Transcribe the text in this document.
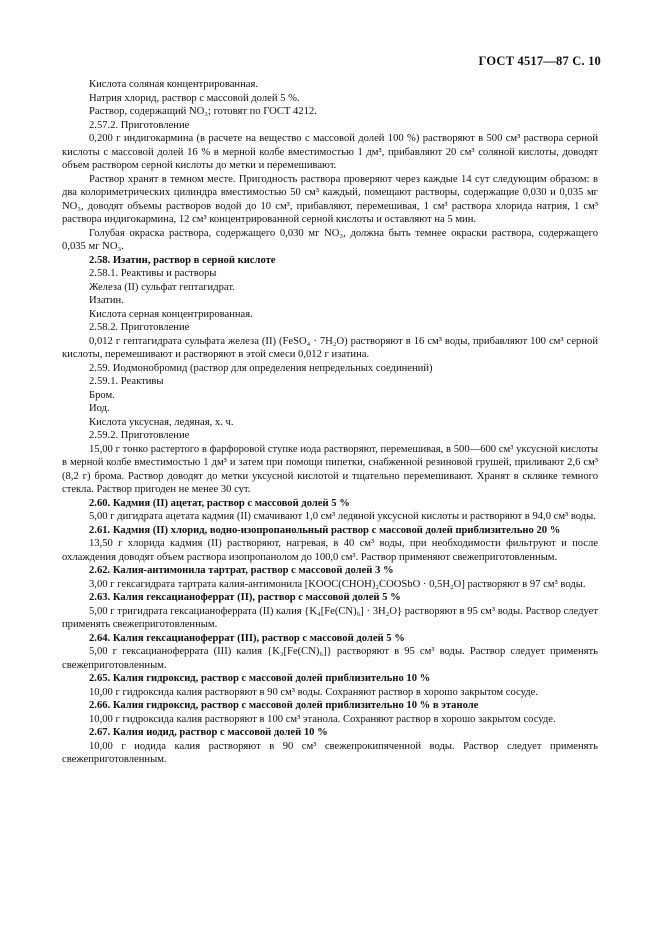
ГОСТ 4517—87 С. 10

Кислота соляная концентрированная.

Натрия хлорид, раствор с массовой долей 5 %.

Раствор, содержащий NO₃; готовят по ГОСТ 4212.

2.57.2. Приготовление

0,200 г индигокармина (в расчете на вещество с массовой долей 100 %) растворяют в 500 см³ раствора серной кислоты с массовой долей 16 % в мерной колбе вместимостью 1 дм³, прибавляют 20 см³ соляной кислоты, доводят объем раствором серной кислоты до метки и перемешивают.

Раствор хранят в темном месте. Пригодность раствора проверяют через каждые 14 сут следующим образом: в два колориметрических цилиндра вместимостью 50 см³ каждый, помещают растворы, содержащие 0,030 и 0,035 мг NO₃, доводят объемы растворов водой до 10 см³, прибавляют, перемешивая, 1 см³ раствора хлорида натрия, 1 см³ раствора индигокармина, 12 см³ концентрированной серной кислоты и оставляют на 5 мин.

Голубая окраска раствора, содержащего 0,030 мг NO₃, должна быть темнее окраски раствора, содержащего 0,035 мг NO₃.

2.58. Изатин, раствор в серной кислоте

2.58.1. Реактивы и растворы

Железа (II) сульфат гептагидрат.

Изатин.

Кислота серная концентрированная.

2.58.2. Приготовление

0,012 г гептагидрата сульфата железа (II) (FeSO₄ · 7H₂O) растворяют в 16 см³ воды, прибавляют 100 см³ серной кислоты, перемешивают и растворяют в этой смеси 0,012 г изатина.

2.59. Иодмонобромид (раствор для определения непредельных соединений)

2.59.1. Реактивы

Бром.

Иод.

Кислота уксусная, ледяная, х. ч.

2.59.2. Приготовление

15,00 г тонко растертого в фарфоровой ступке иода растворяют, перемешивая, в 500—600 см³ уксусной кислоты в мерной колбе вместимостью 1 дм³ и затем при помощи пипетки, снабженной резиновой грушей, приливают 2,6 см³ (8,2 г) брома. Раствор доводят до метки уксусной кислотой и тщательно перемешивают. Хранят в склянке темного стекла. Раствор пригоден не менее 30 сут.

2.60. Кадмия (II) ацетат, раствор с массовой долей 5 %

5,00 г дигидрата ацетата кадмия (II) смачивают 1,0 см³ ледяной уксусной кислоты и растворяют в 94,0 см³ воды.

2.61. Кадмия (II) хлорид, водно-изопропанольный раствор с массовой долей приблизительно 20 %

13,50 г хлорида кадмия (II) растворяют, нагревая, в 40 см³ воды, при необходимости фильтруют и после охлаждения доводят объем раствора изопропанолом до 100,0 см³. Раствор применяют свежеприготовленным.

2.62. Калия-антимонила тартрат, раствор с массовой долей 3 %

3,00 г гексагидрата тартрата калия-антимонила [KOOC(CHOH)₂COOSbO · 0,5H₂O] растворяют в 97 см³ воды.

2.63. Калия гексацианоферрат (II), раствор с массовой долей 5 %

5,00 г тригидрата гексацианоферрата (II) калия {K₄[Fe(CN)₆] · 3H₂O} растворяют в 95 см³ воды. Раствор следует применять свежеприготовленным.

2.64. Калия гексацианоферрат (III), раствор с массовой долей 5 %

5,00 г гексацианоферрата (III) калия {K₃[Fe(CN)₆]} растворяют в 95 см³ воды. Раствор следует применять свежеприготовленным.

2.65. Калия гидроксид, раствор с массовой долей приблизительно 10 %

10,00 г гидроксида калия растворяют в 90 см³ воды. Сохраняют раствор в хорошо закрытом сосуде.

2.66. Калия гидроксид, раствор с массовой долей приблизительно 10 % в этаноле

10,00 г гидроксида калия растворяют в 100 см³ этанола. Сохраняют раствор в хорошо закрытом сосуде.

2.67. Калия иодид, раствор с массовой долей 10 %

10,00 г иодида калия растворяют в 90 см³ свежепрокипяченной воды. Раствор следует применять свежеприготовленным.
